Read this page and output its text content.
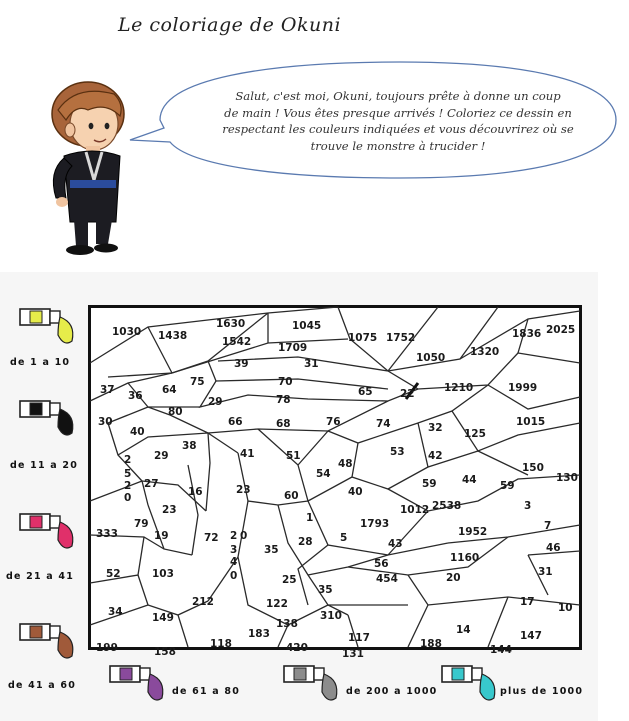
Le coloriage de Okuni
Salut, c'est moi, Okuni, toujours prête à donne un coup
de main ! Vous êtes presque arrivés ! Coloriez ce dessin en
respectant les couleurs indiquées et vous découvrirez où se
trouve le monstre à trucider !
de 1 a 10
de 11 a 20
de 21 a 41
de 41 a 60
de 61 a 80	de 200 a 1000	plus de 1000
1030 1438
1630
1542
1045
1709
1075 1752	1836 2025
1050 1320
39	31
37 36 64
75	70
65	22	1210	1999
80
29	78
30
40
66	68	76	74	32 125
1015
38
41	51	53 42
29
2
5
2
0
27
16	23
54
48	150
130
59 44 59
40
60
1012 2538	3
79
23
1	1793
1952	7
333	19	72 2
3
4
0
0
35
28	5	43
1160
46
56
52	103	454	20	31
25
35
34	149
212	122	17 10
310
138	14
199	158
118	420
117
131
188
147
144
183
